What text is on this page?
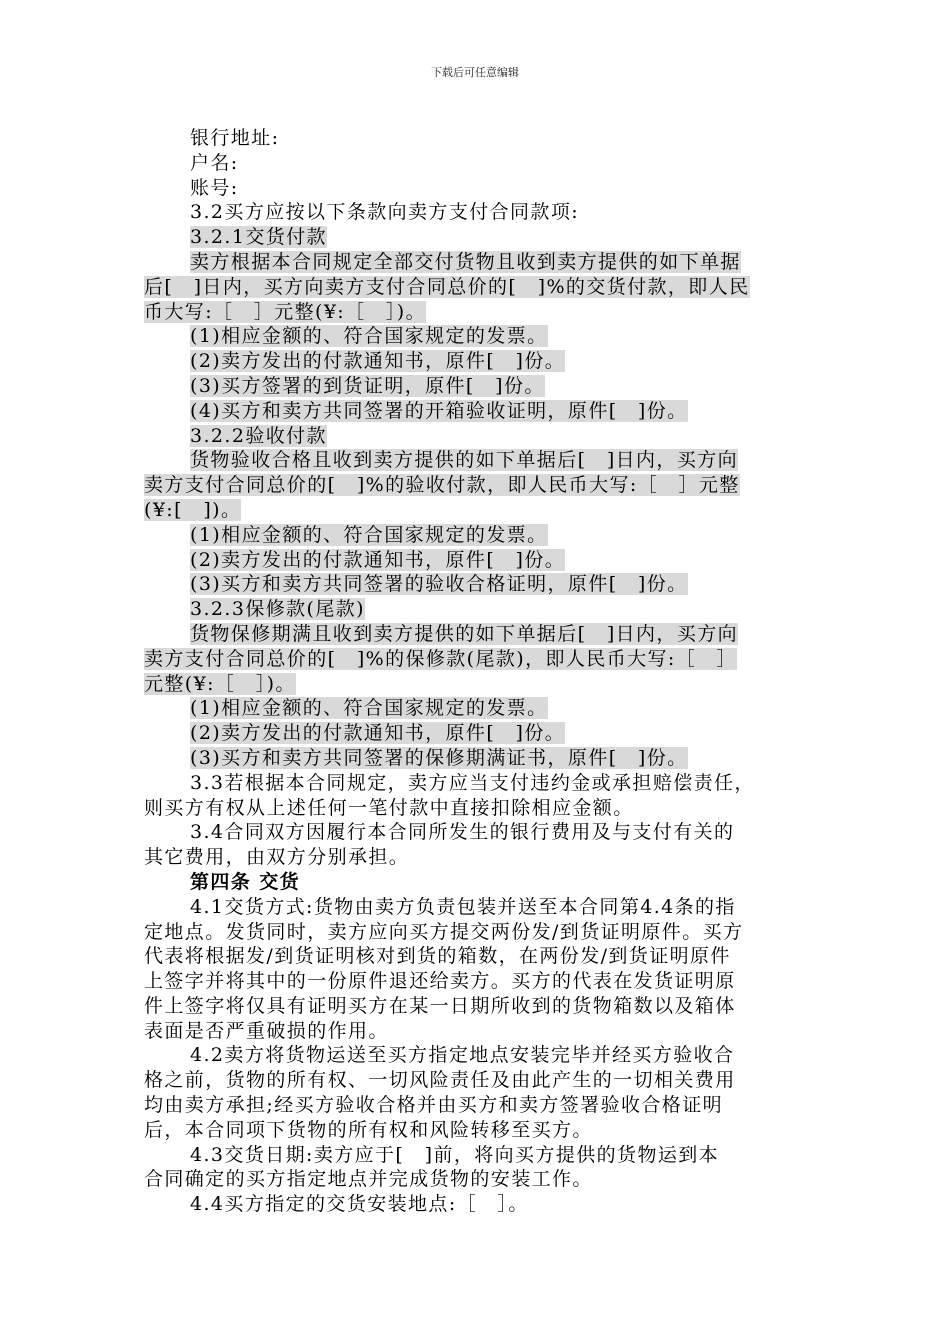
下载后可任意编辑
银行地址:
户名:
账号:
3.2买方应按以下条款向卖方支付合同款项:
3.2.1交货付款
卖方根据本合同规定全部交付货物且收到卖方提供的如下单据
后[　]日内，买方向卖方支付合同总价的[　]%的交货付款，即人民
币大写:［　］元整(¥:［　］)。
(1)相应金额的、符合国家规定的发票。
(2)卖方发出的付款通知书，原件[　]份。
(3)买方签署的到货证明，原件[　]份。
(4)买方和卖方共同签署的开箱验收证明，原件[　]份。
3.2.2验收付款
货物验收合格且收到卖方提供的如下单据后[　]日内，买方向
卖方支付合同总价的[　]%的验收付款，即人民币大写:［　］元整
(¥:[　])。
(1)相应金额的、符合国家规定的发票。
(2)卖方发出的付款通知书，原件[　]份。
(3)买方和卖方共同签署的验收合格证明，原件[　]份。
3.2.3保修款(尾款)
货物保修期满且收到卖方提供的如下单据后[　]日内，买方向
卖方支付合同总价的[　]%的保修款(尾款)，即人民币大写:［　］
元整(¥:［　］)。
(1)相应金额的、符合国家规定的发票。
(2)卖方发出的付款通知书，原件[　]份。
(3)买方和卖方共同签署的保修期满证书，原件[　]份。
3.3若根据本合同规定，卖方应当支付违约金或承担赔偿责任，
则买方有权从上述任何一笔付款中直接扣除相应金额。
3.4合同双方因履行本合同所发生的银行费用及与支付有关的
其它费用，由双方分别承担。
第四条 交货
4.1交货方式:货物由卖方负责包装并送至本合同第4.4条的指
定地点。发货同时，卖方应向买方提交两份发/到货证明原件。买方
代表将根据发/到货证明核对到货的箱数，在两份发/到货证明原件
上签字并将其中的一份原件退还给卖方。买方的代表在发货证明原
件上签字将仅具有证明买方在某一日期所收到的货物箱数以及箱体
表面是否严重破损的作用。
4.2卖方将货物运送至买方指定地点安装完毕并经买方验收合
格之前，货物的所有权、一切风险责任及由此产生的一切相关费用
均由卖方承担;经买方验收合格并由买方和卖方签署验收合格证明
后，本合同项下货物的所有权和风险转移至买方。
4.3交货日期:卖方应于[　]前，将向买方提供的货物运到本
合同确定的买方指定地点并完成货物的安装工作。
4.4买方指定的交货安装地点:［　］。
